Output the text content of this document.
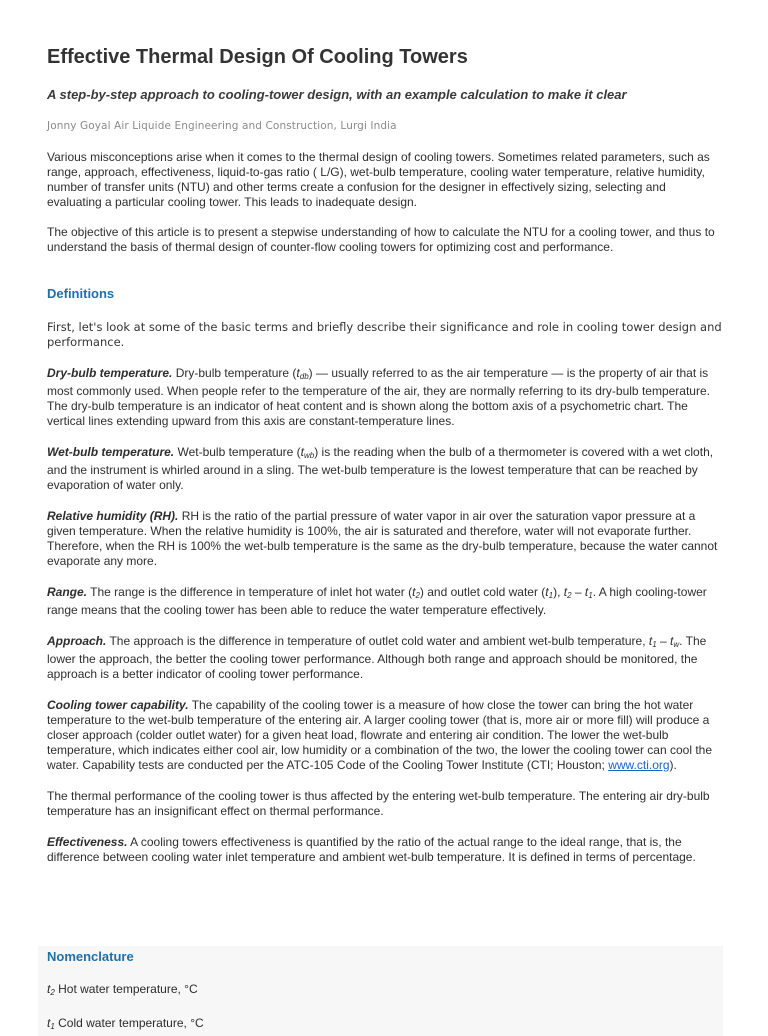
Effective Thermal Design Of Cooling Towers
A step-by-step approach to cooling-tower design, with an example calculation to make it clear
Jonny Goyal Air Liquide Engineering and Construction, Lurgi India

Various misconceptions arise when it comes to the thermal design of cooling towers. Sometimes related parameters, such as range, approach, effectiveness, liquid-to-gas ratio ( L/G), wet-bulb temperature, cooling water temperature, relative humidity, number of transfer units (NTU) and other terms create a confusion for the designer in effectively sizing, selecting and evaluating a particular cooling tower. This leads to inadequate design.

The objective of this article is to present a stepwise understanding of how to calculate the NTU for a cooling tower, and thus to understand the basis of thermal design of counter-flow cooling towers for optimizing cost and performance.

Definitions

First, let's look at some of the basic terms and briefly describe their significance and role in cooling tower design and performance.

Dry-bulb temperature. Dry-bulb temperature $(t_{db})$ — usually referred to as the air temperature — is the property of air that is most commonly used. When people refer to the temperature of the air, they are normally referring to its dry-bulb temperature. The dry-bulb temperature is an indicator of heat content and is shown along the bottom axis of a psychometric chart. The vertical lines extending upward from this axis are constant-temperature lines.

Wet-bulb temperature. Wet-bulb temperature $(t_{wb})$ is the reading when the bulb of a thermometer is covered with a wet cloth, and the instrument is whirled around in a sling. The wet-bulb temperature is the lowest temperature that can be reached by evaporation of water only.

Relative humidity (RH). RH is the ratio of the partial pressure of water vapor in air over the saturation vapor pressure at a given temperature. When the relative humidity is 100%, the air is saturated and therefore, water will not evaporate further. Therefore, when the RH is 100% the wet-bulb temperature is the same as the dry-bulb temperature, because the water cannot evaporate any more.

Range. The range is the difference in temperature of inlet hot water $(t_2)$ and outlet cold water $(t_1)$, $t_2 - t_1$. A high cooling-tower range means that the cooling tower has been able to reduce the water temperature effectively.

Approach. The approach is the difference in temperature of outlet cold water and ambient wet-bulb temperature, $t_1 - t_w$. The lower the approach, the better the cooling tower performance. Although both range and approach should be monitored, the approach is a better indicator of cooling tower performance.

Cooling tower capability. The capability of the cooling tower is a measure of how close the tower can bring the hot water temperature to the wet-bulb temperature of the entering air. A larger cooling tower (that is, more air or more fill) will produce a closer approach (colder outlet water) for a given heat load, flowrate and entering air condition. The lower the wet-bulb temperature, which indicates either cool air, low humidity or a combination of the two, the lower the cooling tower can cool the water. Capability tests are conducted per the ATC-105 Code of the Cooling Tower Institute (CTI; Houston; www.cti.org).

The thermal performance of the cooling tower is thus affected by the entering wet-bulb temperature. The entering air dry-bulb temperature has an insignificant effect on thermal performance.

Effectiveness. A cooling towers effectiveness is quantified by the ratio of the actual range to the ideal range, that is, the difference between cooling water inlet temperature and ambient wet-bulb temperature. It is defined in terms of percentage.

Nomenclature
$t_2$ Hot water temperature, °C
$t_1$ Cold water temperature, °C
